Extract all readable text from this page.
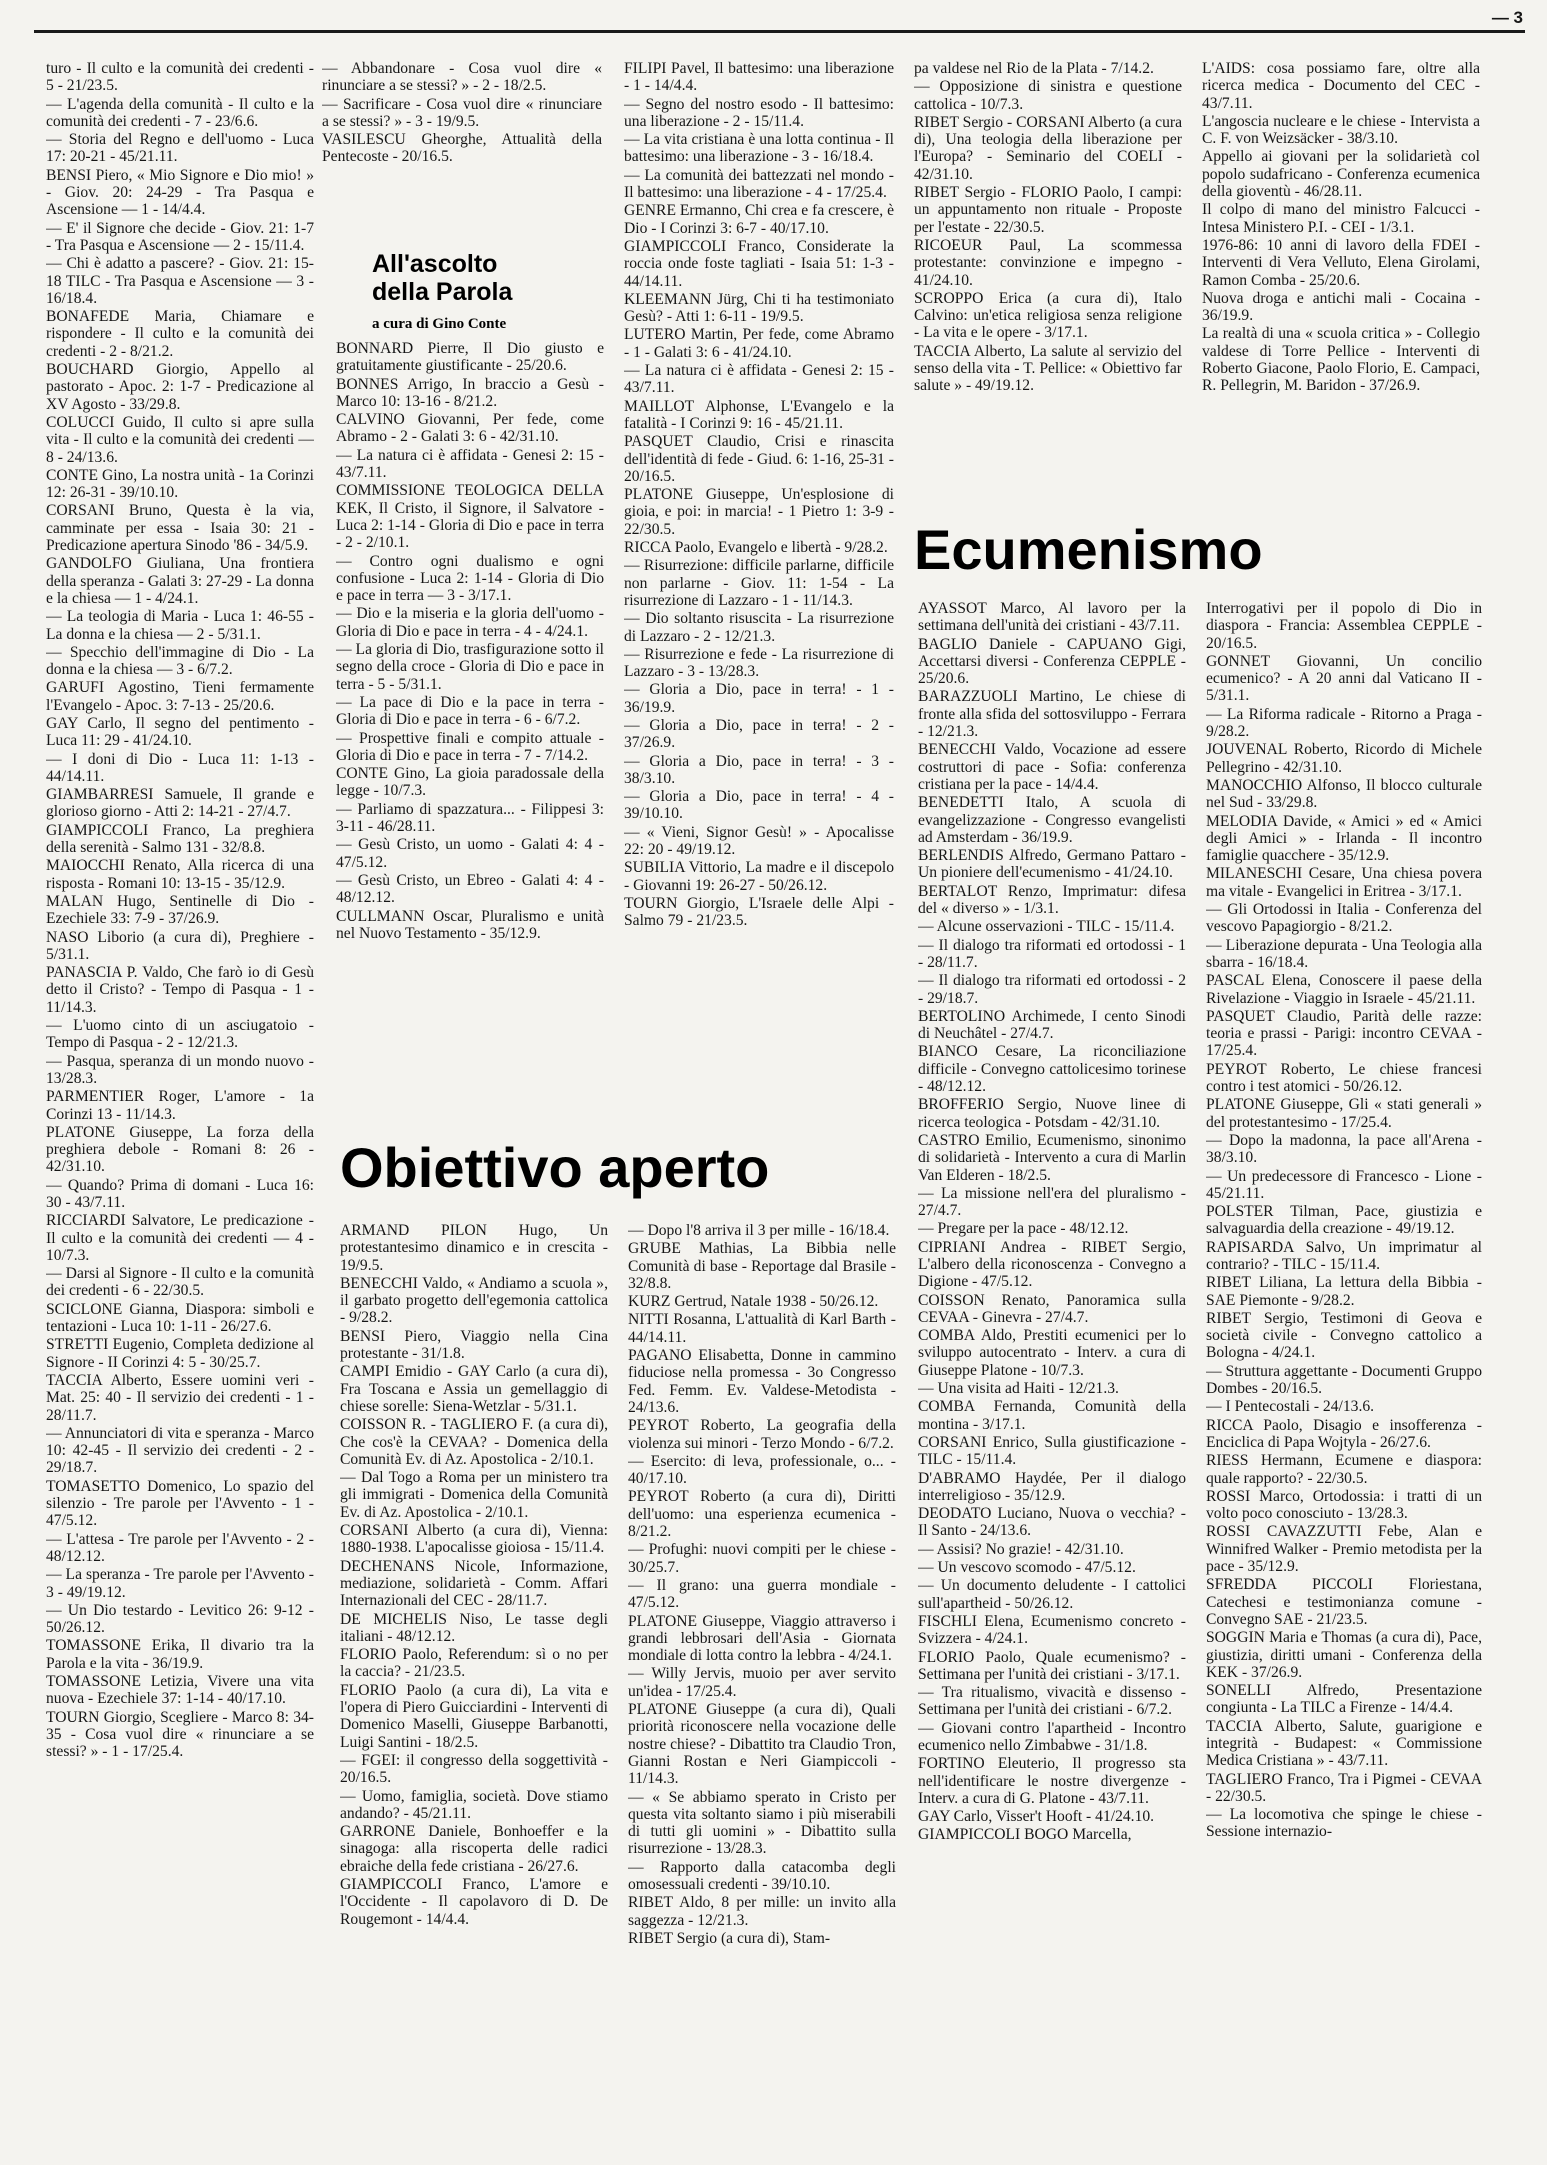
— 3
All'ascolto
della Parola
a cura di Gino Conte
Obiettivo aperto
Ecumenismo

turo - Il culto e la comunità dei credenti - 5 - 21/23.5.

— L'agenda della comunità - Il culto e la comunità dei credenti - 7 - 23/6.6.

— Storia del Regno e dell'uomo - Luca 17: 20-21 - 45/21.11.

BENSI Piero, « Mio Signore e Dio mio! » - Giov. 20: 24-29 - Tra Pasqua e Ascensione — 1 - 14/4.4.

— E' il Signore che decide - Giov. 21: 1-7 - Tra Pasqua e Ascensione — 2 - 15/11.4.

— Chi è adatto a pascere? - Giov. 21: 15-18 TILC - Tra Pasqua e Ascensione — 3 - 16/18.4.

BONAFEDE Maria, Chiamare e rispondere - Il culto e la comunità dei credenti - 2 - 8/21.2.

BOUCHARD Giorgio, Appello al pastorato - Apoc. 2: 1-7 - Predicazione al XV Agosto - 33/29.8.

COLUCCI Guido, Il culto si apre sulla vita - Il culto e la comunità dei credenti — 8 - 24/13.6.

CONTE Gino, La nostra unità - 1a Corinzi 12: 26-31 - 39/10.10.

CORSANI Bruno, Questa è la via, camminate per essa - Isaia 30: 21 - Predicazione apertura Sinodo '86 - 34/5.9.

GANDOLFO Giuliana, Una frontiera della speranza - Galati 3: 27-29 - La donna e la chiesa — 1 - 4/24.1.

— La teologia di Maria - Luca 1: 46-55 - La donna e la chiesa — 2 - 5/31.1.

— Specchio dell'immagine di Dio - La donna e la chiesa — 3 - 6/7.2.

GARUFI Agostino, Tieni fermamente l'Evangelo - Apoc. 3: 7-13 - 25/20.6.

GAY Carlo, Il segno del pentimento - Luca 11: 29 - 41/24.10.

— I doni di Dio - Luca 11: 1-13 - 44/14.11.

GIAMBARRESI Samuele, Il grande e glorioso giorno - Atti 2: 14-21 - 27/4.7.

GIAMPICCOLI Franco, La preghiera della serenità - Salmo 131 - 32/8.8.

MAIOCCHI Renato, Alla ricerca di una risposta - Romani 10: 13-15 - 35/12.9.

MALAN Hugo, Sentinelle di Dio - Ezechiele 33: 7-9 - 37/26.9.

NASO Liborio (a cura di), Preghiere - 5/31.1.

PANASCIA P. Valdo, Che farò io di Gesù detto il Cristo? - Tempo di Pasqua - 1 - 11/14.3.

— L'uomo cinto di un asciugatoio - Tempo di Pasqua - 2 - 12/21.3.

— Pasqua, speranza di un mondo nuovo - 13/28.3.

PARMENTIER Roger, L'amore - 1a Corinzi 13 - 11/14.3.

PLATONE Giuseppe, La forza della preghiera debole - Romani 8: 26 - 42/31.10.

— Quando? Prima di domani - Luca 16: 30 - 43/7.11.

RICCIARDI Salvatore, Le predicazione - Il culto e la comunità dei credenti — 4 - 10/7.3.

— Darsi al Signore - Il culto e la comunità dei credenti - 6 - 22/30.5.

SCICLONE Gianna, Diaspora: simboli e tentazioni - Luca 10: 1-11 - 26/27.6.

STRETTI Eugenio, Completa dedizione al Signore - II Corinzi 4: 5 - 30/25.7.

TACCIA Alberto, Essere uomini veri - Mat. 25: 40 - Il servizio dei credenti - 1 - 28/11.7.

— Annunciatori di vita e speranza - Marco 10: 42-45 - Il servizio dei credenti - 2 - 29/18.7.

TOMASETTO Domenico, Lo spazio del silenzio - Tre parole per l'Avvento - 1 - 47/5.12.

— L'attesa - Tre parole per l'Avvento - 2 - 48/12.12.

— La speranza - Tre parole per l'Avvento - 3 - 49/19.12.

— Un Dio testardo - Levitico 26: 9-12 - 50/26.12.

TOMASSONE Erika, Il divario tra la Parola e la vita - 36/19.9.

TOMASSONE Letizia, Vivere una vita nuova - Ezechiele 37: 1-14 - 40/17.10.

TOURN Giorgio, Scegliere - Marco 8: 34-35 - Cosa vuol dire « rinunciare a se stessi? » - 1 - 17/25.4.

— Abbandonare - Cosa vuol dire « rinunciare a se stessi? » - 2 - 18/2.5.

— Sacrificare - Cosa vuol dire « rinunciare a se stessi? » - 3 - 19/9.5.

VASILESCU Gheorghe, Attualità della Pentecoste - 20/16.5.

BONNARD Pierre, Il Dio giusto e gratuitamente giustificante - 25/20.6.

BONNES Arrigo, In braccio a Gesù - Marco 10: 13-16 - 8/21.2.

CALVINO Giovanni, Per fede, come Abramo - 2 - Galati 3: 6 - 42/31.10.

— La natura ci è affidata - Genesi 2: 15 - 43/7.11.

COMMISSIONE TEOLOGICA DELLA KEK, Il Cristo, il Signore, il Salvatore - Luca 2: 1-14 - Gloria di Dio e pace in terra - 2 - 2/10.1.

— Contro ogni dualismo e ogni confusione - Luca 2: 1-14 - Gloria di Dio e pace in terra — 3 - 3/17.1.

— Dio e la miseria e la gloria dell'uomo - Gloria di Dio e pace in terra - 4 - 4/24.1.

— La gloria di Dio, trasfigurazione sotto il segno della croce - Gloria di Dio e pace in terra - 5 - 5/31.1.

— La pace di Dio e la pace in terra - Gloria di Dio e pace in terra - 6 - 6/7.2.

— Prospettive finali e compito attuale - Gloria di Dio e pace in terra - 7 - 7/14.2.

CONTE Gino, La gioia paradossale della legge - 10/7.3.

— Parliamo di spazzatura... - Filippesi 3: 3-11 - 46/28.11.

— Gesù Cristo, un uomo - Galati 4: 4 - 47/5.12.

— Gesù Cristo, un Ebreo - Galati 4: 4 - 48/12.12.

CULLMANN Oscar, Pluralismo e unità nel Nuovo Testamento - 35/12.9.

FILIPI Pavel, Il battesimo: una liberazione - 1 - 14/4.4.

— Segno del nostro esodo - Il battesimo: una liberazione - 2 - 15/11.4.

— La vita cristiana è una lotta continua - Il battesimo: una liberazione - 3 - 16/18.4.

— La comunità dei battezzati nel mondo - Il battesimo: una liberazione - 4 - 17/25.4.

GENRE Ermanno, Chi crea e fa crescere, è Dio - I Corinzi 3: 6-7 - 40/17.10.

GIAMPICCOLI Franco, Considerate la roccia onde foste tagliati - Isaia 51: 1-3 - 44/14.11.

KLEEMANN Jürg, Chi ti ha testimoniato Gesù? - Atti 1: 6-11 - 19/9.5.

LUTERO Martin, Per fede, come Abramo - 1 - Galati 3: 6 - 41/24.10.

— La natura ci è affidata - Genesi 2: 15 - 43/7.11.

MAILLOT Alphonse, L'Evangelo e la fatalità - I Corinzi 9: 16 - 45/21.11.

PASQUET Claudio, Crisi e rinascita dell'identità di fede - Giud. 6: 1-16, 25-31 - 20/16.5.

PLATONE Giuseppe, Un'esplosione di gioia, e poi: in marcia! - 1 Pietro 1: 3-9 - 22/30.5.

RICCA Paolo, Evangelo e libertà - 9/28.2.

— Risurrezione: difficile parlarne, difficile non parlarne - Giov. 11: 1-54 - La risurrezione di Lazzaro - 1 - 11/14.3.

— Dio soltanto risuscita - La risurrezione di Lazzaro - 2 - 12/21.3.

— Risurrezione e fede - La risurrezione di Lazzaro - 3 - 13/28.3.

— Gloria a Dio, pace in terra! - 1 - 36/19.9.

— Gloria a Dio, pace in terra! - 2 - 37/26.9.

— Gloria a Dio, pace in terra! - 3 - 38/3.10.

— Gloria a Dio, pace in terra! - 4 - 39/10.10.

— « Vieni, Signor Gesù! » - Apocalisse 22: 20 - 49/19.12.

SUBILIA Vittorio, La madre e il discepolo - Giovanni 19: 26-27 - 50/26.12.

TOURN Giorgio, L'Israele delle Alpi - Salmo 79 - 21/23.5.

pa valdese nel Rio de la Plata - 7/14.2.

— Opposizione di sinistra e questione cattolica - 10/7.3.

RIBET Sergio - CORSANI Alberto (a cura di), Una teologia della liberazione per l'Europa? - Seminario del COELI - 42/31.10.

RIBET Sergio - FLORIO Paolo, I campi: un appuntamento non rituale - Proposte per l'estate - 22/30.5.

RICOEUR Paul, La scommessa protestante: convinzione e impegno - 41/24.10.

SCROPPO Erica (a cura di), Italo Calvino: un'etica religiosa senza religione - La vita e le opere - 3/17.1.

TACCIA Alberto, La salute al servizio del senso della vita - T. Pellice: « Obiettivo far salute » - 49/19.12.

L'AIDS: cosa possiamo fare, oltre alla ricerca medica - Documento del CEC - 43/7.11.

L'angoscia nucleare e le chiese - Intervista a C. F. von Weizsäcker - 38/3.10.

Appello ai giovani per la solidarietà col popolo sudafricano - Conferenza ecumenica della gioventù - 46/28.11.

Il colpo di mano del ministro Falcucci - Intesa Ministero P.I. - CEI - 1/3.1.

1976-86: 10 anni di lavoro della FDEI - Interventi di Vera Velluto, Elena Girolami, Ramon Comba - 25/20.6.

Nuova droga e antichi mali - Cocaina - 36/19.9.

La realtà di una « scuola critica » - Collegio valdese di Torre Pellice - Interventi di Roberto Giacone, Paolo Florio, E. Campaci, R. Pellegrin, M. Baridon - 37/26.9.

ARMAND PILON Hugo, Un protestantesimo dinamico e in crescita - 19/9.5.

BENECCHI Valdo, « Andiamo a scuola », il garbato progetto dell'egemonia cattolica - 9/28.2.

BENSI Piero, Viaggio nella Cina protestante - 31/1.8.

CAMPI Emidio - GAY Carlo (a cura di), Fra Toscana e Assia un gemellaggio di chiese sorelle: Siena-Wetzlar - 5/31.1.

COISSON R. - TAGLIERO F. (a cura di), Che cos'è la CEVAA? - Domenica della Comunità Ev. di Az. Apostolica - 2/10.1.

— Dal Togo a Roma per un ministero tra gli immigrati - Domenica della Comunità Ev. di Az. Apostolica - 2/10.1.

CORSANI Alberto (a cura di), Vienna: 1880-1938. L'apocalisse gioiosa - 15/11.4.

DECHENANS Nicole, Informazione, mediazione, solidarietà - Comm. Affari Internazionali del CEC - 28/11.7.

DE MICHELIS Niso, Le tasse degli italiani - 48/12.12.

FLORIO Paolo, Referendum: sì o no per la caccia? - 21/23.5.

FLORIO Paolo (a cura di), La vita e l'opera di Piero Guicciardini - Interventi di Domenico Maselli, Giuseppe Barbanotti, Luigi Santini - 18/2.5.

— FGEI: il congresso della soggettività - 20/16.5.

— Uomo, famiglia, società. Dove stiamo andando? - 45/21.11.

GARRONE Daniele, Bonhoeffer e la sinagoga: alla riscoperta delle radici ebraiche della fede cristiana - 26/27.6.

GIAMPICCOLI Franco, L'amore e l'Occidente - Il capolavoro di D. De Rougemont - 14/4.4.

— Dopo l'8 arriva il 3 per mille - 16/18.4.

GRUBE Mathias, La Bibbia nelle Comunità di base - Reportage dal Brasile - 32/8.8.

KURZ Gertrud, Natale 1938 - 50/26.12.

NITTI Rosanna, L'attualità di Karl Barth - 44/14.11.

PAGANO Elisabetta, Donne in cammino fiduciose nella promessa - 3o Congresso Fed. Femm. Ev. Valdese-Metodista - 24/13.6.

PEYROT Roberto, La geografia della violenza sui minori - Terzo Mondo - 6/7.2.

— Esercito: di leva, professionale, o... - 40/17.10.

PEYROT Roberto (a cura di), Diritti dell'uomo: una esperienza ecumenica - 8/21.2.

— Profughi: nuovi compiti per le chiese - 30/25.7.

— Il grano: una guerra mondiale - 47/5.12.

PLATONE Giuseppe, Viaggio attraverso i grandi lebbrosari dell'Asia - Giornata mondiale di lotta contro la lebbra - 4/24.1.

— Willy Jervis, muoio per aver servito un'idea - 17/25.4.

PLATONE Giuseppe (a cura di), Quali priorità riconoscere nella vocazione delle nostre chiese? - Dibattito tra Claudio Tron, Gianni Rostan e Neri Giampiccoli - 11/14.3.

— « Se abbiamo sperato in Cristo per questa vita soltanto siamo i più miserabili di tutti gli uomini » - Dibattito sulla risurrezione - 13/28.3.

— Rapporto dalla catacomba degli omosessuali credenti - 39/10.10.

RIBET Aldo, 8 per mille: un invito alla saggezza - 12/21.3.

RIBET Sergio (a cura di), Stam-

AYASSOT Marco, Al lavoro per la settimana dell'unità dei cristiani - 43/7.11.

BAGLIO Daniele - CAPUANO Gigi, Accettarsi diversi - Conferenza CEPPLE - 25/20.6.

BARAZZUOLI Martino, Le chiese di fronte alla sfida del sottosviluppo - Ferrara - 12/21.3.

BENECCHI Valdo, Vocazione ad essere costruttori di pace - Sofia: conferenza cristiana per la pace - 14/4.4.

BENEDETTI Italo, A scuola di evangelizzazione - Congresso evangelisti ad Amsterdam - 36/19.9.

BERLENDIS Alfredo, Germano Pattaro - Un pioniere dell'ecumenismo - 41/24.10.

BERTALOT Renzo, Imprimatur: difesa del « diverso » - 1/3.1.

— Alcune osservazioni - TILC - 15/11.4.

— Il dialogo tra riformati ed ortodossi - 1 - 28/11.7.

— Il dialogo tra riformati ed ortodossi - 2 - 29/18.7.

BERTOLINO Archimede, I cento Sinodi di Neuchâtel - 27/4.7.

BIANCO Cesare, La riconciliazione difficile - Convegno cattolicesimo torinese - 48/12.12.

BROFFERIO Sergio, Nuove linee di ricerca teologica - Potsdam - 42/31.10.

CASTRO Emilio, Ecumenismo, sinonimo di solidarietà - Intervento a cura di Marlin Van Elderen - 18/2.5.

— La missione nell'era del pluralismo - 27/4.7.

— Pregare per la pace - 48/12.12.

CIPRIANI Andrea - RIBET Sergio, L'albero della riconoscenza - Convegno a Digione - 47/5.12.

COISSON Renato, Panoramica sulla CEVAA - Ginevra - 27/4.7.

COMBA Aldo, Prestiti ecumenici per lo sviluppo autocentrato - Interv. a cura di Giuseppe Platone - 10/7.3.

— Una visita ad Haiti - 12/21.3.

COMBA Fernanda, Comunità della montina - 3/17.1.

CORSANI Enrico, Sulla giustificazione - TILC - 15/11.4.

D'ABRAMO Haydée, Per il dialogo interreligioso - 35/12.9.

DEODATO Luciano, Nuova o vecchia? - Il Santo - 24/13.6.

— Assisi? No grazie! - 42/31.10.

— Un vescovo scomodo - 47/5.12.

— Un documento deludente - I cattolici sull'apartheid - 50/26.12.

FISCHLI Elena, Ecumenismo concreto - Svizzera - 4/24.1.

FLORIO Paolo, Quale ecumenismo? - Settimana per l'unità dei cristiani - 3/17.1.

— Tra ritualismo, vivacità e dissenso - Settimana per l'unità dei cristiani - 6/7.2.

— Giovani contro l'apartheid - Incontro ecumenico nello Zimbabwe - 31/1.8.

FORTINO Eleuterio, Il progresso sta nell'identificare le nostre divergenze - Interv. a cura di G. Platone - 43/7.11.

GAY Carlo, Visser't Hooft - 41/24.10.

GIAMPICCOLI BOGO Marcella,

Interrogativi per il popolo di Dio in diaspora - Francia: Assemblea CEPPLE - 20/16.5.

GONNET Giovanni, Un concilio ecumenico? - A 20 anni dal Vaticano II - 5/31.1.

— La Riforma radicale - Ritorno a Praga - 9/28.2.

JOUVENAL Roberto, Ricordo di Michele Pellegrino - 42/31.10.

MANOCCHIO Alfonso, Il blocco culturale nel Sud - 33/29.8.

MELODIA Davide, « Amici » ed « Amici degli Amici » - Irlanda - Il incontro famiglie quacchere - 35/12.9.

MILANESCHI Cesare, Una chiesa povera ma vitale - Evangelici in Eritrea - 3/17.1.

— Gli Ortodossi in Italia - Conferenza del vescovo Papagiorgio - 8/21.2.

— Liberazione depurata - Una Teologia alla sbarra - 16/18.4.

PASCAL Elena, Conoscere il paese della Rivelazione - Viaggio in Israele - 45/21.11.

PASQUET Claudio, Parità delle razze: teoria e prassi - Parigi: incontro CEVAA - 17/25.4.

PEYROT Roberto, Le chiese francesi contro i test atomici - 50/26.12.

PLATONE Giuseppe, Gli « stati generali » del protestantesimo - 17/25.4.

— Dopo la madonna, la pace all'Arena - 38/3.10.

— Un predecessore di Francesco - Lione - 45/21.11.

POLSTER Tilman, Pace, giustizia e salvaguardia della creazione - 49/19.12.

RAPISARDA Salvo, Un imprimatur al contrario? - TILC - 15/11.4.

RIBET Liliana, La lettura della Bibbia - SAE Piemonte - 9/28.2.

RIBET Sergio, Testimoni di Geova e società civile - Convegno cattolico a Bologna - 4/24.1.

— Struttura aggettante - Documenti Gruppo Dombes - 20/16.5.

— I Pentecostali - 24/13.6.

RICCA Paolo, Disagio e insofferenza - Enciclica di Papa Wojtyla - 26/27.6.

RIESS Hermann, Ecumene e diaspora: quale rapporto? - 22/30.5.

ROSSI Marco, Ortodossia: i tratti di un volto poco conosciuto - 13/28.3.

ROSSI CAVAZZUTTI Febe, Alan e Winnifred Walker - Premio metodista per la pace - 35/12.9.

SFREDDA PICCOLI Floriestana, Catechesi e testimonianza comune - Convegno SAE - 21/23.5.

SOGGIN Maria e Thomas (a cura di), Pace, giustizia, diritti umani - Conferenza della KEK - 37/26.9.

SONELLI Alfredo, Presentazione congiunta - La TILC a Firenze - 14/4.4.

TACCIA Alberto, Salute, guarigione e integrità - Budapest: « Commissione Medica Cristiana » - 43/7.11.

TAGLIERO Franco, Tra i Pigmei - CEVAA - 22/30.5.

— La locomotiva che spinge le chiese - Sessione internazio-
